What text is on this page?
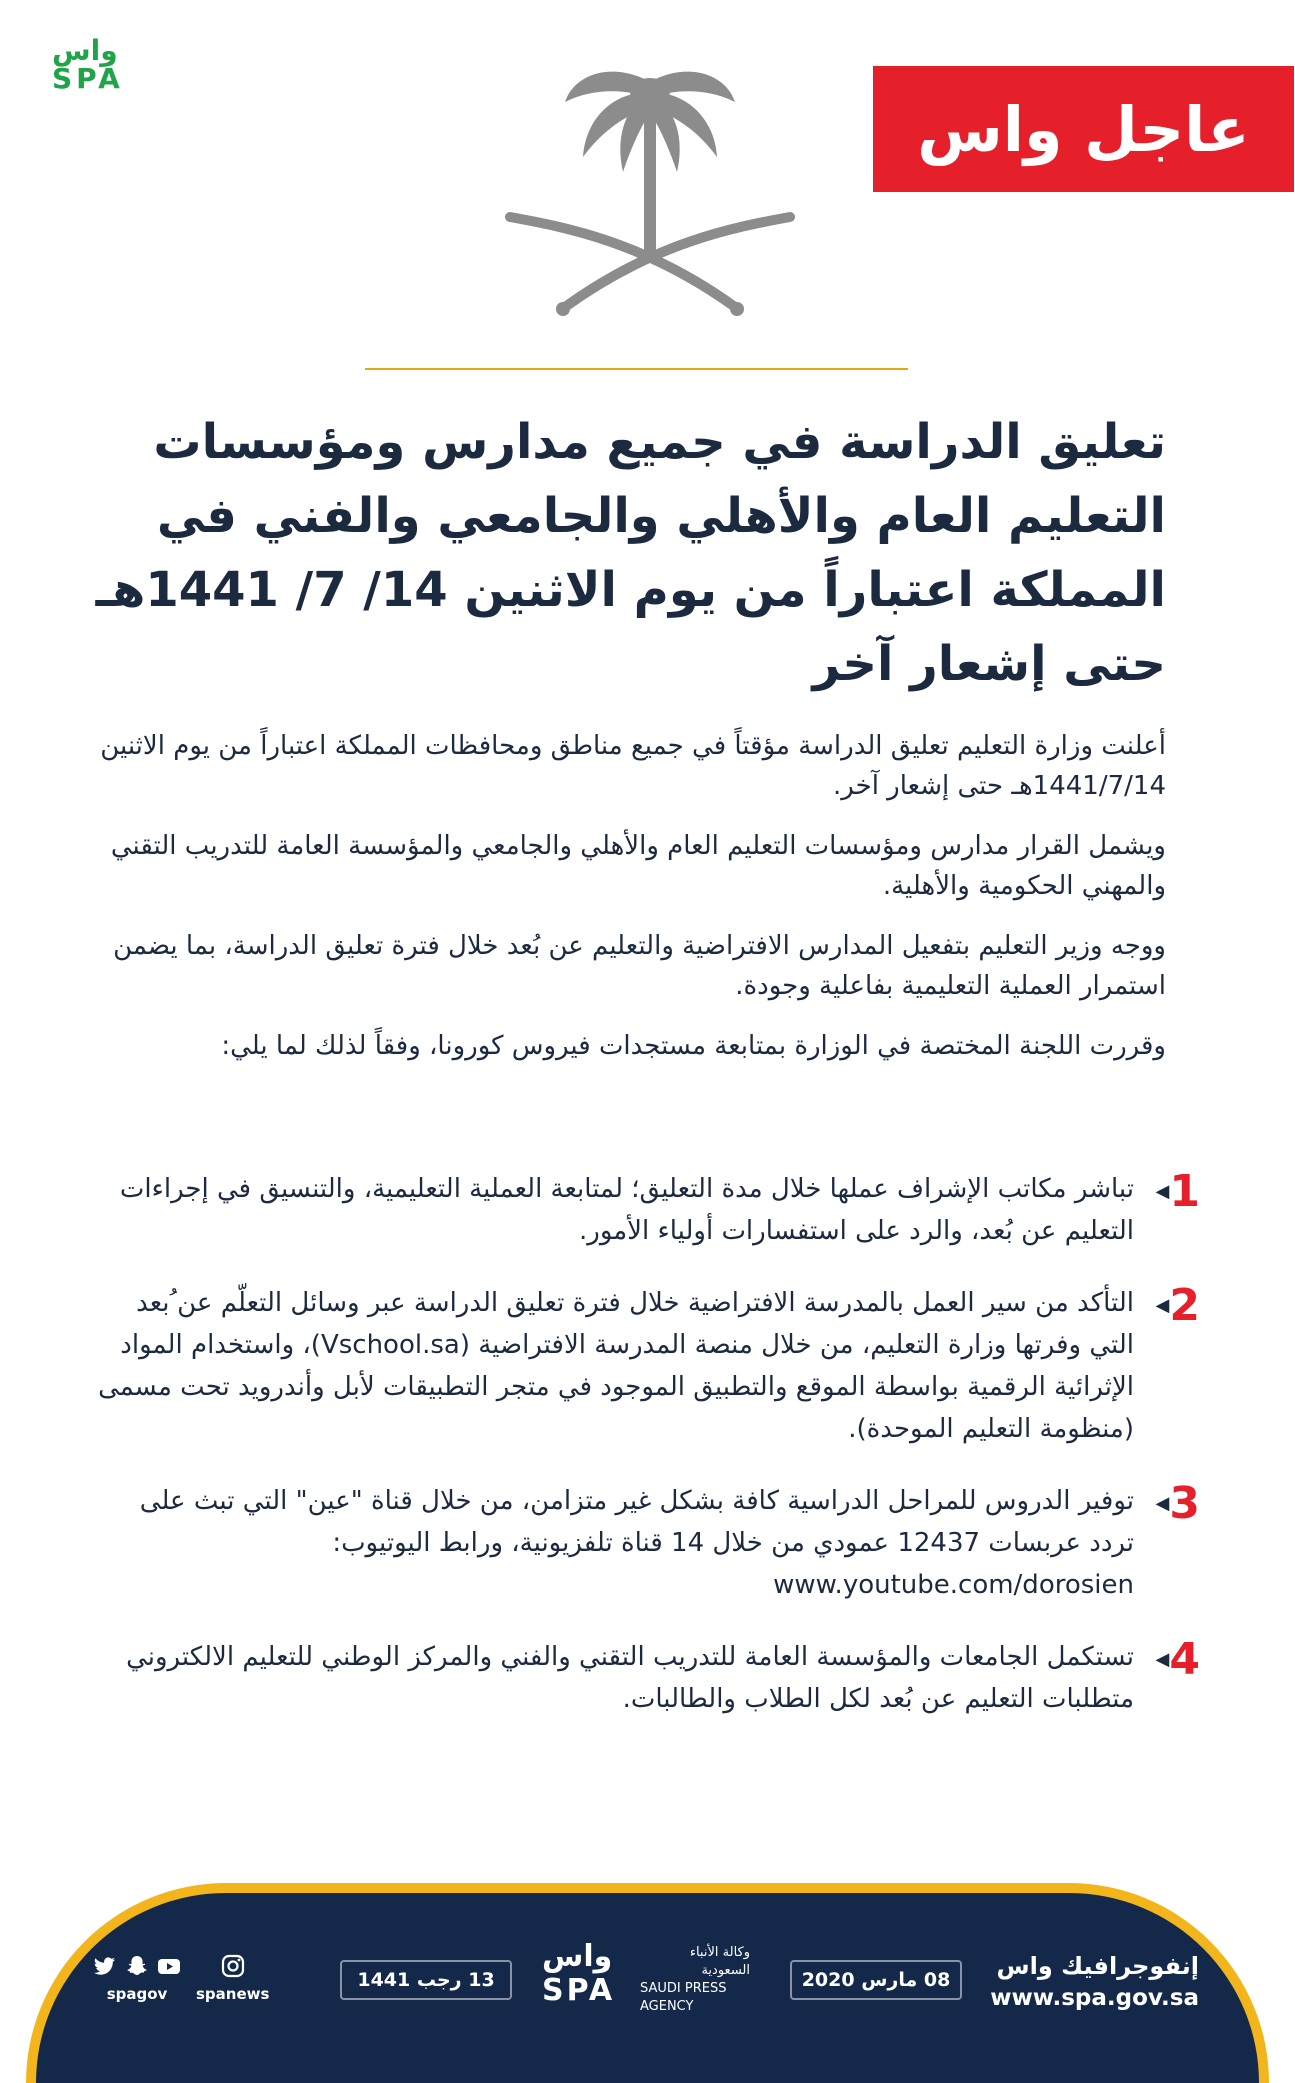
واس
SPA
عاجل واس
تعليق الدراسة في جميع مدارس ومؤسسات التعليم العام والأهلي والجامعي والفني في المملكة اعتباراً من يوم الاثنين 14/ 7/ 1441هـ حتى إشعار آخر

أعلنت وزارة التعليم تعليق الدراسة مؤقتاً في جميع مناطق ومحافظات المملكة اعتباراً من يوم الاثنين 1441/7/14هـ حتى إشعار آخر.

ويشمل القرار مدارس ومؤسسات التعليم العام والأهلي والجامعي والمؤسسة العامة للتدريب التقني والمهني الحكومية والأهلية.

ووجه وزير التعليم بتفعيل المدارس الافتراضية والتعليم عن بُعد خلال فترة تعليق الدراسة، بما يضمن استمرار العملية التعليمية بفاعلية وجودة.

وقررت اللجنة المختصة في الوزارة بمتابعة مستجدات فيروس كورونا، وفقاً لذلك لما يلي:

1
◀
تباشر مكاتب الإشراف عملها خلال مدة التعليق؛ لمتابعة العملية التعليمية، والتنسيق في إجراءات التعليم عن بُعد، والرد على استفسارات أولياء الأمور.
2
◀
التأكد من سير العمل بالمدرسة الافتراضية خلال فترة تعليق الدراسة عبر وسائل التعلّم عن ُبعد التي وفرتها وزارة التعليم، من خلال منصة المدرسة الافتراضية (Vschool.sa)، واستخدام المواد الإثرائية الرقمية بواسطة الموقع والتطبيق الموجود في متجر التطبيقات لأبل وأندرويد تحت مسمى (منظومة التعليم الموحدة).
3
◀
توفير الدروس للمراحل الدراسية كافة بشكل غير متزامن، من خلال قناة "عين" التي تبث على تردد عربسات 12437 عمودي من خلال 14 قناة تلفزيونية، ورابط اليوتيوب: www.youtube.com/dorosien
4
◀
تستكمل الجامعات والمؤسسة العامة للتدريب التقني والفني والمركز الوطني للتعليم الالكتروني متطلبات التعليم عن بُعد لكل الطلاب والطالبات.
إنفوجرافيك واس
www.spa.gov.sa
08 مارس 2020
واس
SPA
وكالة الأنباء
السعودية
SAUDI PRESS
AGENCY
13 رجب 1441
spanews
spagov
